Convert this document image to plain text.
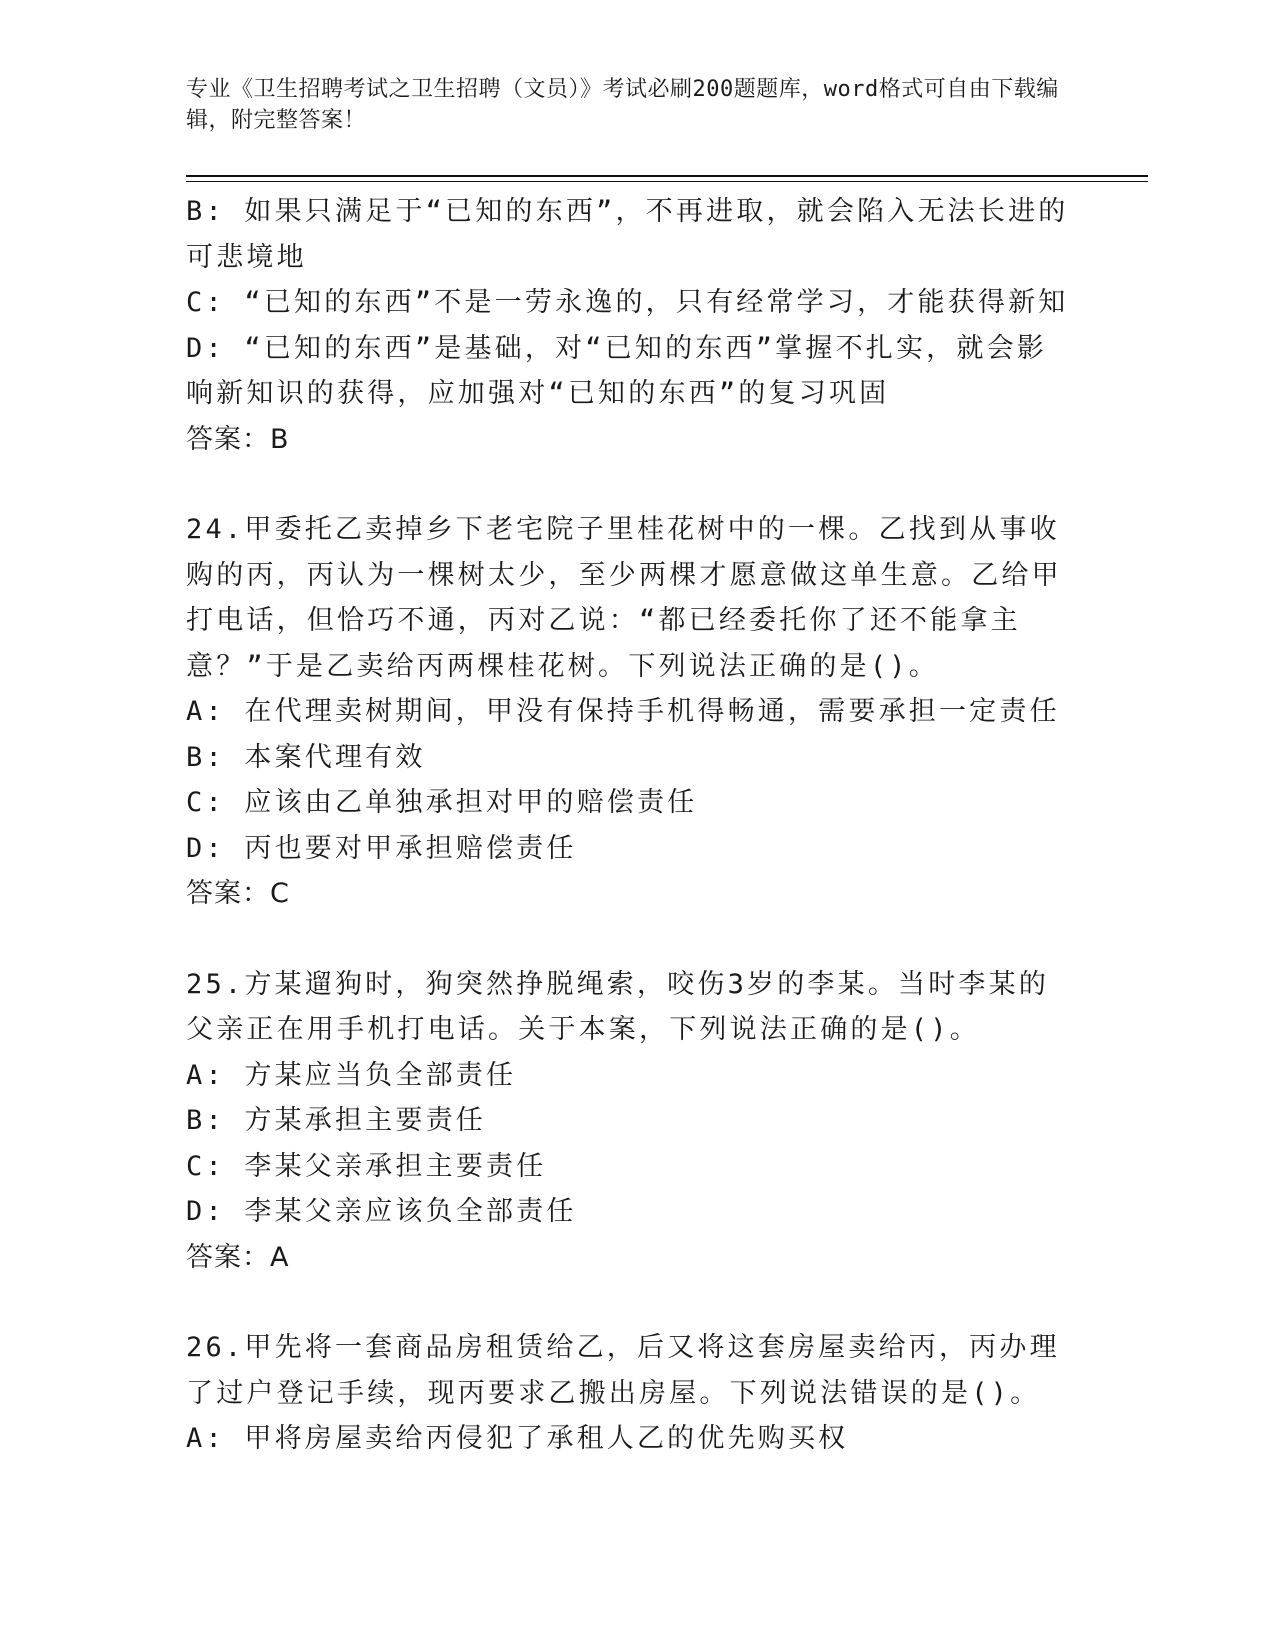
专业《卫生招聘考试之卫生招聘（文员）》考试必刷200题题库，word格式可自由下载编辑，附完整答案！

B: 如果只满足于“已知的东西”，不再进取，就会陷入无法长进的可悲境地

C: “已知的东西”不是一劳永逸的，只有经常学习，才能获得新知

D: “已知的东西”是基础，对“已知的东西”掌握不扎实，就会影响新知识的获得，应加强对“已知的东西”的复习巩固

答案：B

24.甲委托乙卖掉乡下老宅院子里桂花树中的一棵。乙找到从事收购的丙，丙认为一棵树太少，至少两棵才愿意做这单生意。乙给甲打电话，但恰巧不通，丙对乙说：“都已经委托你了还不能拿主意？”于是乙卖给丙两棵桂花树。下列说法正确的是()。

A: 在代理卖树期间，甲没有保持手机得畅通，需要承担一定责任

B: 本案代理有效

C: 应该由乙单独承担对甲的赔偿责任

D: 丙也要对甲承担赔偿责任

答案：C

25.方某遛狗时，狗突然挣脱绳索，咬伤3岁的李某。当时李某的父亲正在用手机打电话。关于本案，下列说法正确的是()。

A: 方某应当负全部责任

B: 方某承担主要责任

C: 李某父亲承担主要责任

D: 李某父亲应该负全部责任

答案：A

26.甲先将一套商品房租赁给乙，后又将这套房屋卖给丙，丙办理了过户登记手续，现丙要求乙搬出房屋。下列说法错误的是()。

A: 甲将房屋卖给丙侵犯了承租人乙的优先购买权
